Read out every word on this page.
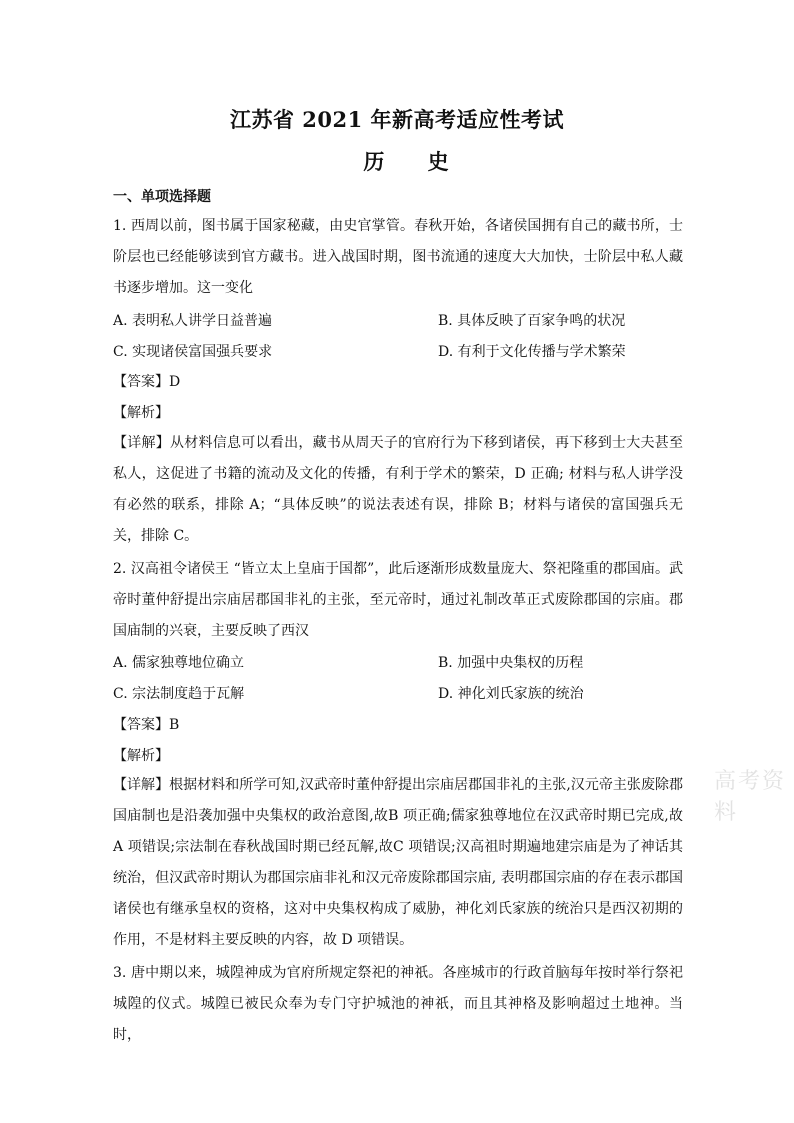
江苏省 2021 年新高考适应性考试
历 史
一、单项选择题
1. 西周以前，图书属于国家秘藏，由史官掌管。春秋开始，各诸侯国拥有自己的藏书所，士阶层也已经能够读到官方藏书。进入战国时期，图书流通的速度大大加快，士阶层中私人藏书逐步增加。这一变化
A. 表明私人讲学日益普遍	B. 具体反映了百家争鸣的状况
C. 实现诸侯富国强兵要求	D. 有利于文化传播与学术繁荣
【答案】D
【解析】
【详解】从材料信息可以看出，藏书从周天子的官府行为下移到诸侯，再下移到士大夫甚至私人，这促进了书籍的流动及文化的传播，有利于学术的繁荣，D 正确; 材料与私人讲学没有必然的联系，排除 A；“具体反映”的说法表述有误，排除 B；材料与诸侯的富国强兵无关，排除 C。
2. 汉高祖令诸侯王 “皆立太上皇庙于国都”，此后逐渐形成数量庞大、祭祀隆重的郡国庙。武帝时董仲舒提出宗庙居郡国非礼的主张，至元帝时，通过礼制改革正式废除郡国的宗庙。郡国庙制的兴衰，主要反映了西汉
A. 儒家独尊地位确立	B. 加强中央集权的历程
C. 宗法制度趋于瓦解	D. 神化刘氏家族的统治
【答案】B
【解析】
【详解】根据材料和所学可知,汉武帝时董仲舒提出宗庙居郡国非礼的主张,汉元帝主张废除郡国庙制也是沿袭加强中央集权的政治意图,故B 项正确;儒家独尊地位在汉武帝时期已完成,故A 项错误;宗法制在春秋战国时期已经瓦解,故C 项错误;汉高祖时期遍地建宗庙是为了神话其统治，但汉武帝时期认为郡国宗庙非礼和汉元帝废除郡国宗庙, 表明郡国宗庙的存在表示郡国诸侯也有继承皇权的资格，这对中央集权构成了威胁，神化刘氏家族的统治只是西汉初期的作用，不是材料主要反映的内容，故 D 项错误。
3. 唐中期以来，城隍神成为官府所规定祭祀的神祇。各座城市的行政首脑每年按时举行祭祀城隍的仪式。城隍已被民众奉为专门守护城池的神祇，而且其神格及影响超过土地神。当时，
高考资料
